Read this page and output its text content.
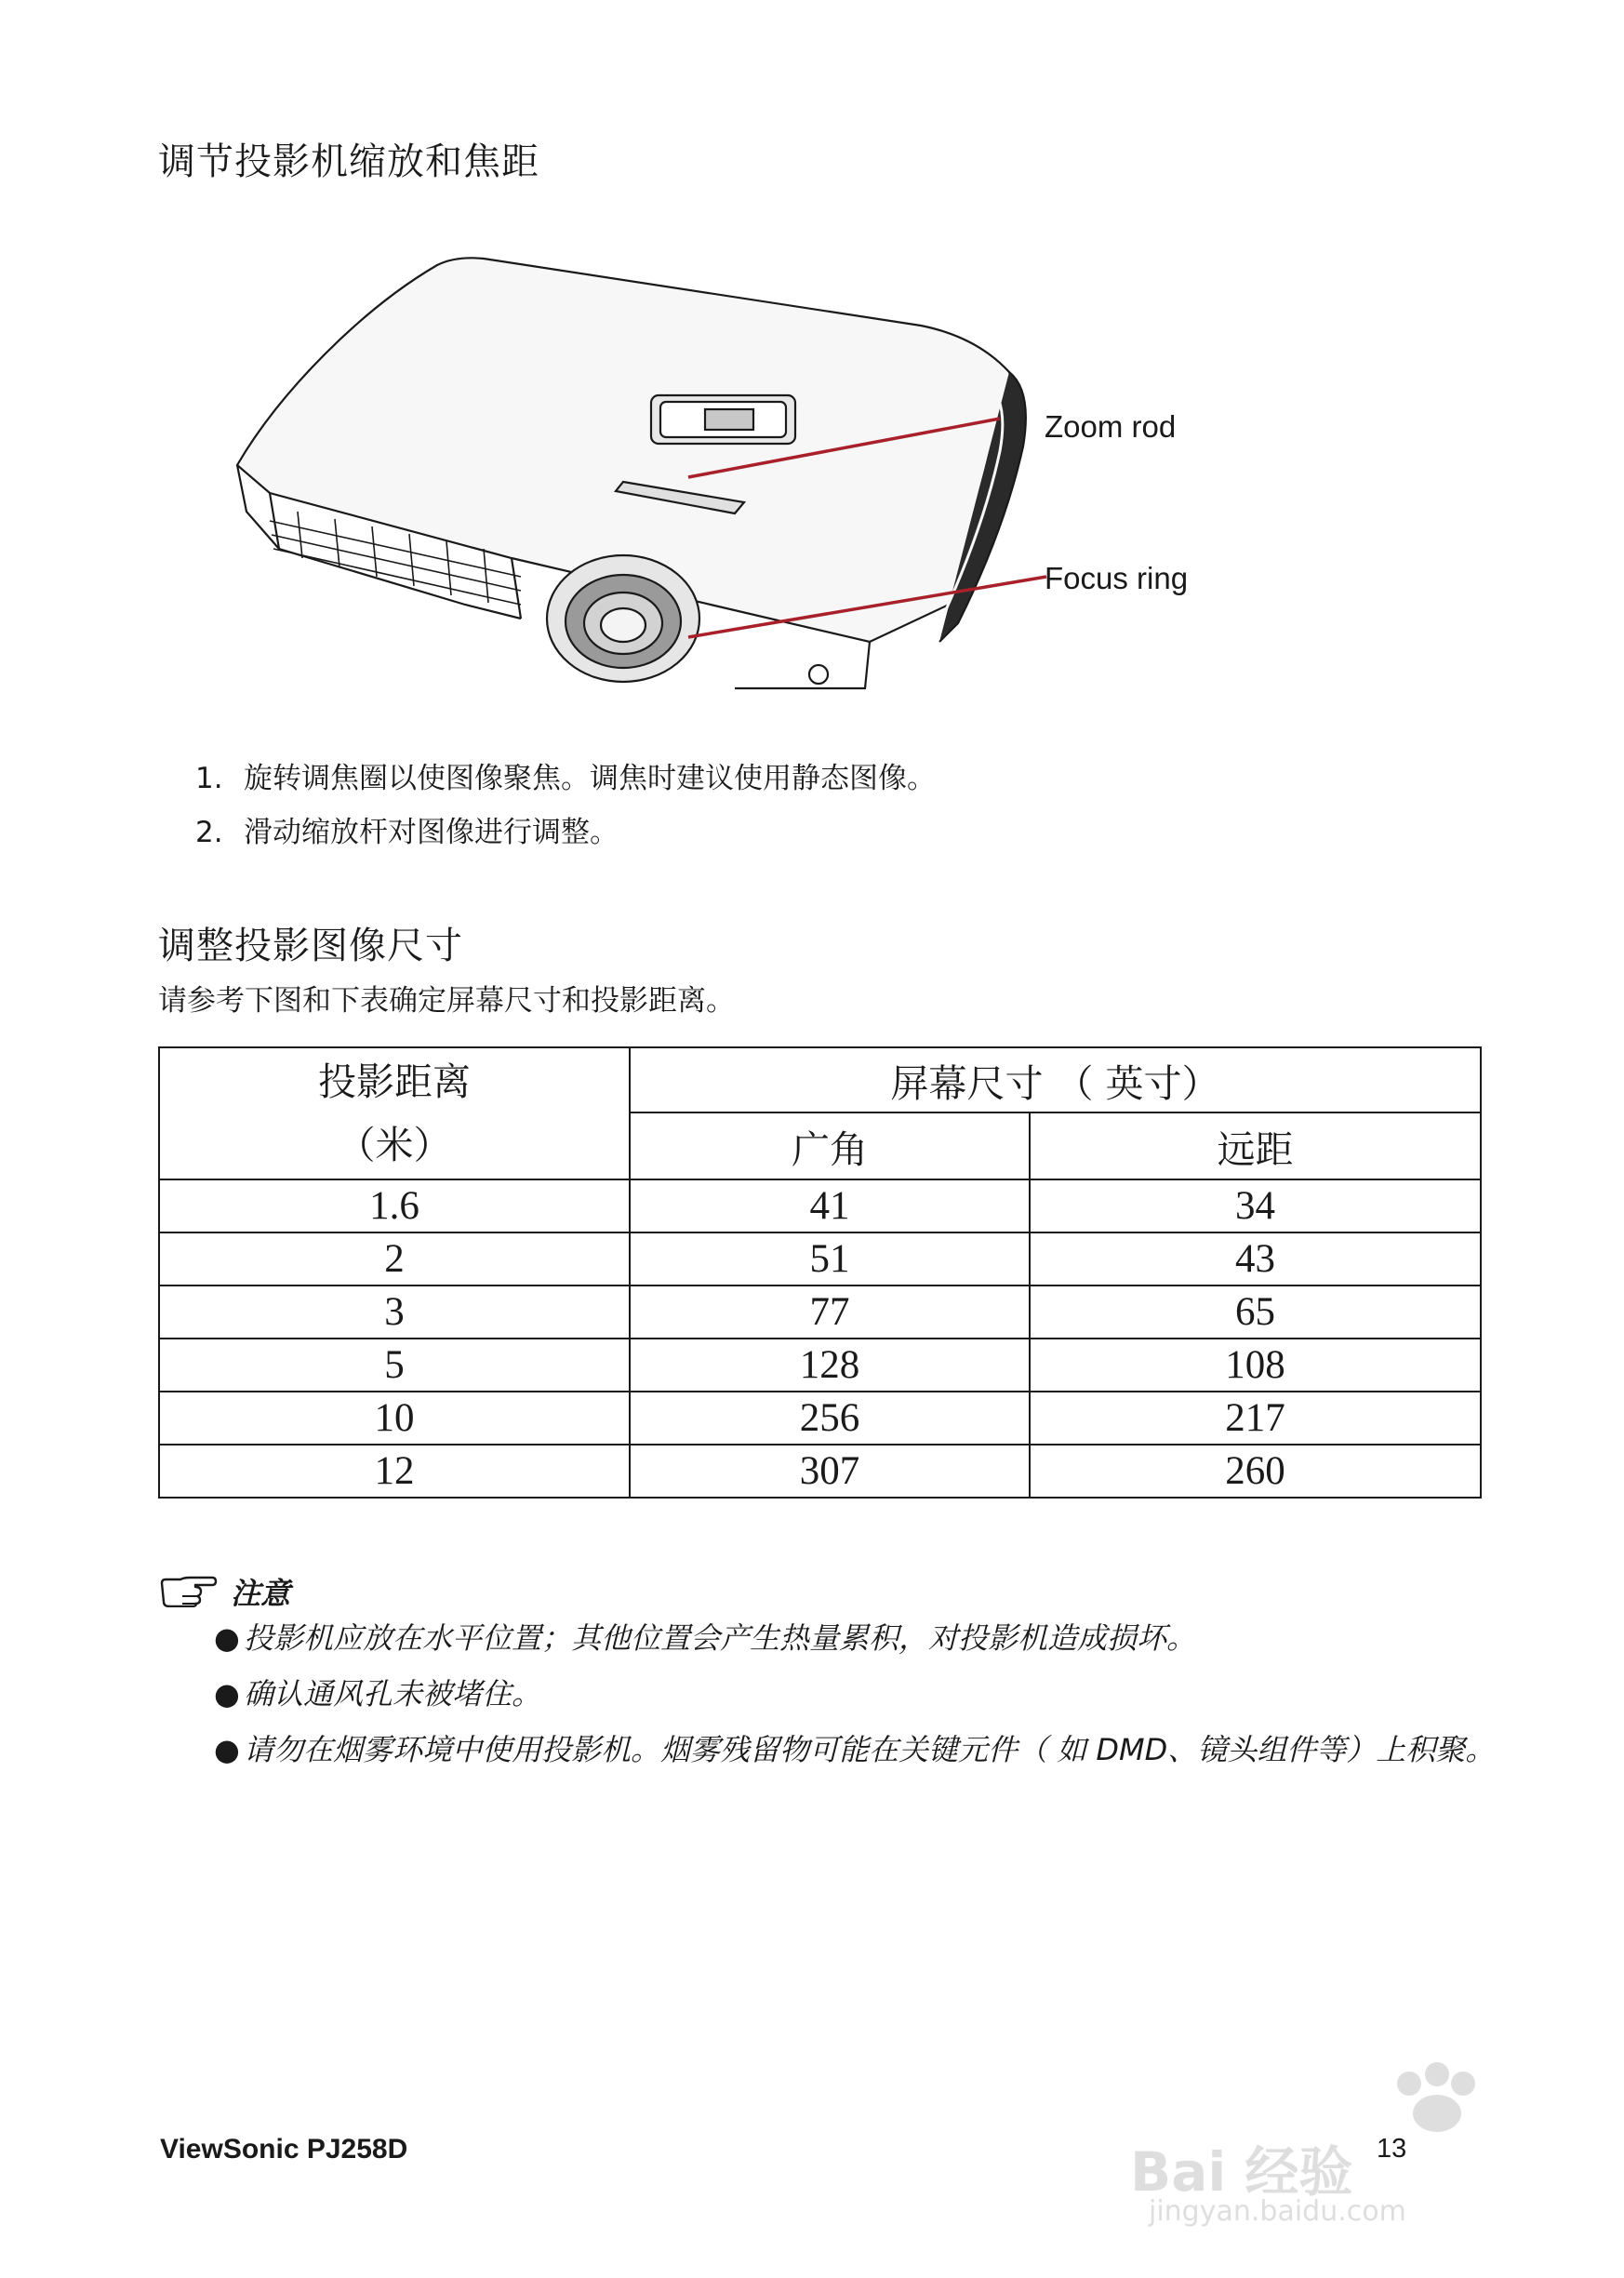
调节投影机缩放和焦距
Zoom rod
Focus ring
1. 旋转调焦圈以使图像聚焦。调焦时建议使用静态图像。
2. 滑动缩放杆对图像进行调整。
调整投影图像尺寸
请参考下图和下表确定屏幕尺寸和投影距离。
投影距离
（米）	屏幕尺寸 （ 英寸）	
	广角	远距
1.6	41	34
2	51	43
3	77	65
5	128	108
10	256	217
12	307	260
注意
● 投影机应放在水平位置；其他位置会产生热量累积，对投影机造成损坏。
● 确认通风孔未被堵住。
● 请勿在烟雾环境中使用投影机。烟雾残留物可能在关键元件（ 如 DMD、镜头组件等）上积聚。
ViewSonic PJ258D	13
Bai 经验
jingyan.baidu.com
